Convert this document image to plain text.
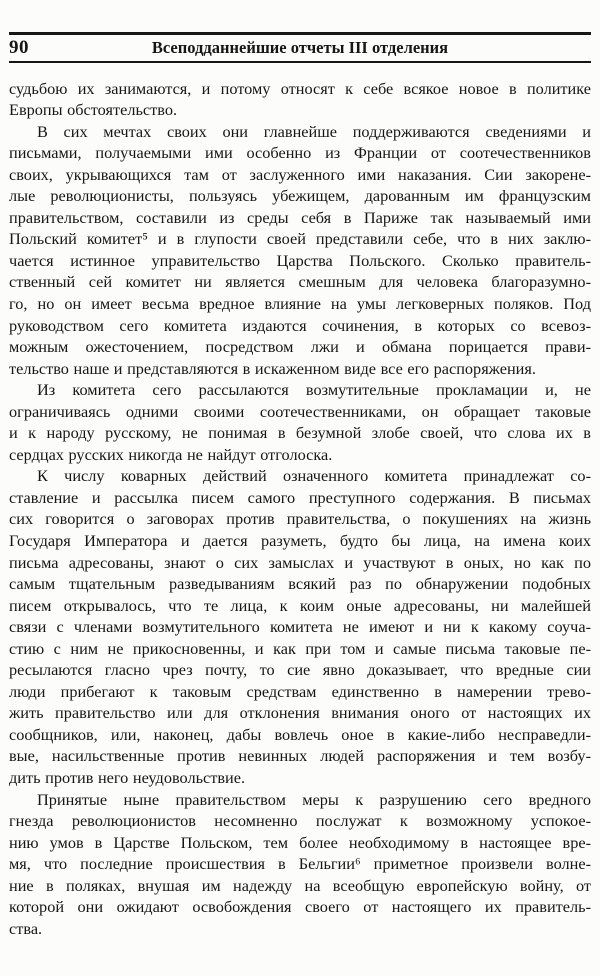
90	Всеподданнейшие отчеты III отделения
судьбою их занимаются, и потому относят к себе всякое новое в политике
Европы обстоятельство.
В сих мечтах своих они главнейше поддерживаются сведениями и
письмами, получаемыми ими особенно из Франции от соотечественников
своих, укрывающихся там от заслуженного ими наказания. Сии закорене-
лые революционисты, пользуясь убежищем, дарованным им французским
правительством, составили из среды себя в Париже так называемый ими
Польский комитет⁵ и в глупости своей представили себе, что в них заклю-
чается истинное управительство Царства Польского. Сколько правитель-
ственный сей комитет ни является смешным для человека благоразумно-
го, но он имеет весьма вредное влияние на умы легковерных поляков. Под
руководством сего комитета издаются сочинения, в которых со всевоз-
можным ожесточением, посредством лжи и обмана порицается прави-
тельство наше и представляются в искаженном виде все его распоряжения.
Из комитета сего рассылаются возмутительные прокламации и, не
ограничиваясь одними своими соотечественниками, он обращает таковые
и к народу русскому, не понимая в безумной злобе своей, что слова их в
сердцах русских никогда не найдут отголоска.
К числу коварных действий означенного комитета принадлежат со-
ставление и рассылка писем самого преступного содержания. В письмах
сих говорится о заговорах против правительства, о покушениях на жизнь
Государя Императора и дается разуметь, будто бы лица, на имена коих
письма адресованы, знают о сих замыслах и участвуют в оных, но как по
самым тщательным разведываниям всякий раз по обнаружении подобных
писем открывалось, что те лица, к коим оные адресованы, ни малейшей
связи с членами возмутительного комитета не имеют и ни к какому соуча-
стию с ним не прикосновенны, и как при том и самые письма таковые пе-
ресылаются гласно чрез почту, то сие явно доказывает, что вредные сии
люди прибегают к таковым средствам единственно в намерении трево-
жить правительство или для отклонения внимания оного от настоящих их
сообщников, или, наконец, дабы вовлечь оное в какие-либо несправедли-
вые, насильственные против невинных людей распоряжения и тем возбу-
дить против него неудовольствие.
Принятые ныне правительством меры к разрушению сего вредного
гнезда революционистов несомненно послужат к возможному успокое-
нию умов в Царстве Польском, тем более необходимому в настоящее вре-
мя, что последние происшествия в Бельгии⁶ приметное произвели волне-
ние в поляках, внушая им надежду на всеобщую европейскую войну, от
которой они ожидают освобождения своего от настоящего их правитель-
ства.
